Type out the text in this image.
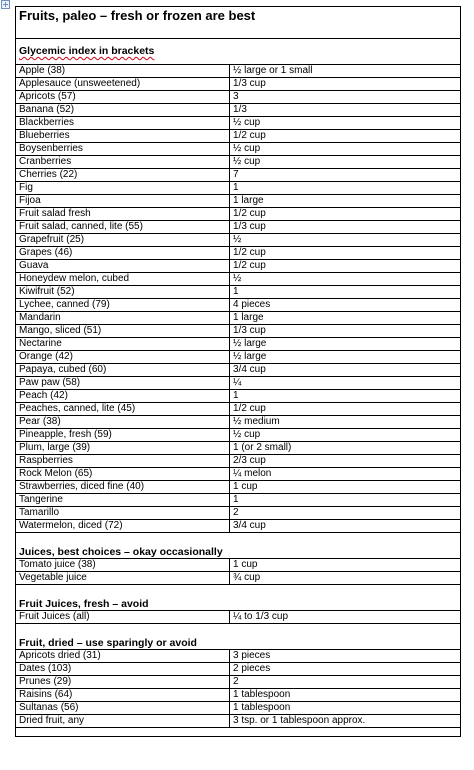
Fruits, paleo – fresh or frozen are best
Glycemic index in brackets
Apple (38)	½ large or 1 small
Applesauce (unsweetened)	1/3 cup
Apricots (57)	3
Banana (52)	1/3
Blackberries	½ cup
Blueberries	1/2 cup
Boysenberries	½ cup
Cranberries	½ cup
Cherries (22)	7
Fig	1
Fijoa	1 large
Fruit salad fresh	1/2 cup
Fruit salad, canned, lite (55)	1/3 cup
Grapefruit (25)	½
Grapes (46)	1/2 cup
Guava	1/2 cup
Honeydew melon, cubed	½
Kiwifruit (52)	1
Lychee, canned (79)	4 pieces
Mandarin	1 large
Mango, sliced (51)	1/3 cup
Nectarine	½ large
Orange (42)	½ large
Papaya, cubed (60)	3/4 cup
Paw paw (58)	¼
Peach (42)	1
Peaches, canned, lite (45)	1/2 cup
Pear (38)	½ medium
Pineapple, fresh (59)	½ cup
Plum, large (39)	1 (or 2 small)
Raspberries	2/3 cup
Rock Melon (65)	¼ melon
Strawberries, diced fine (40)	1 cup
Tangerine	1
Tamarillo	2
Watermelon, diced (72)	3/4 cup
Juices, best choices – okay occasionally
Tomato juice (38)	1 cup
Vegetable juice	¾ cup
Fruit Juices, fresh – avoid
Fruit Juices (all)	¼ to 1/3 cup
Fruit, dried – use sparingly or avoid
Apricots dried (31)	3 pieces
Dates (103)	2 pieces
Prunes (29)	2
Raisins (64)	1 tablespoon
Sultanas (56)	1 tablespoon
Dried fruit, any	3 tsp. or 1 tablespoon approx.
